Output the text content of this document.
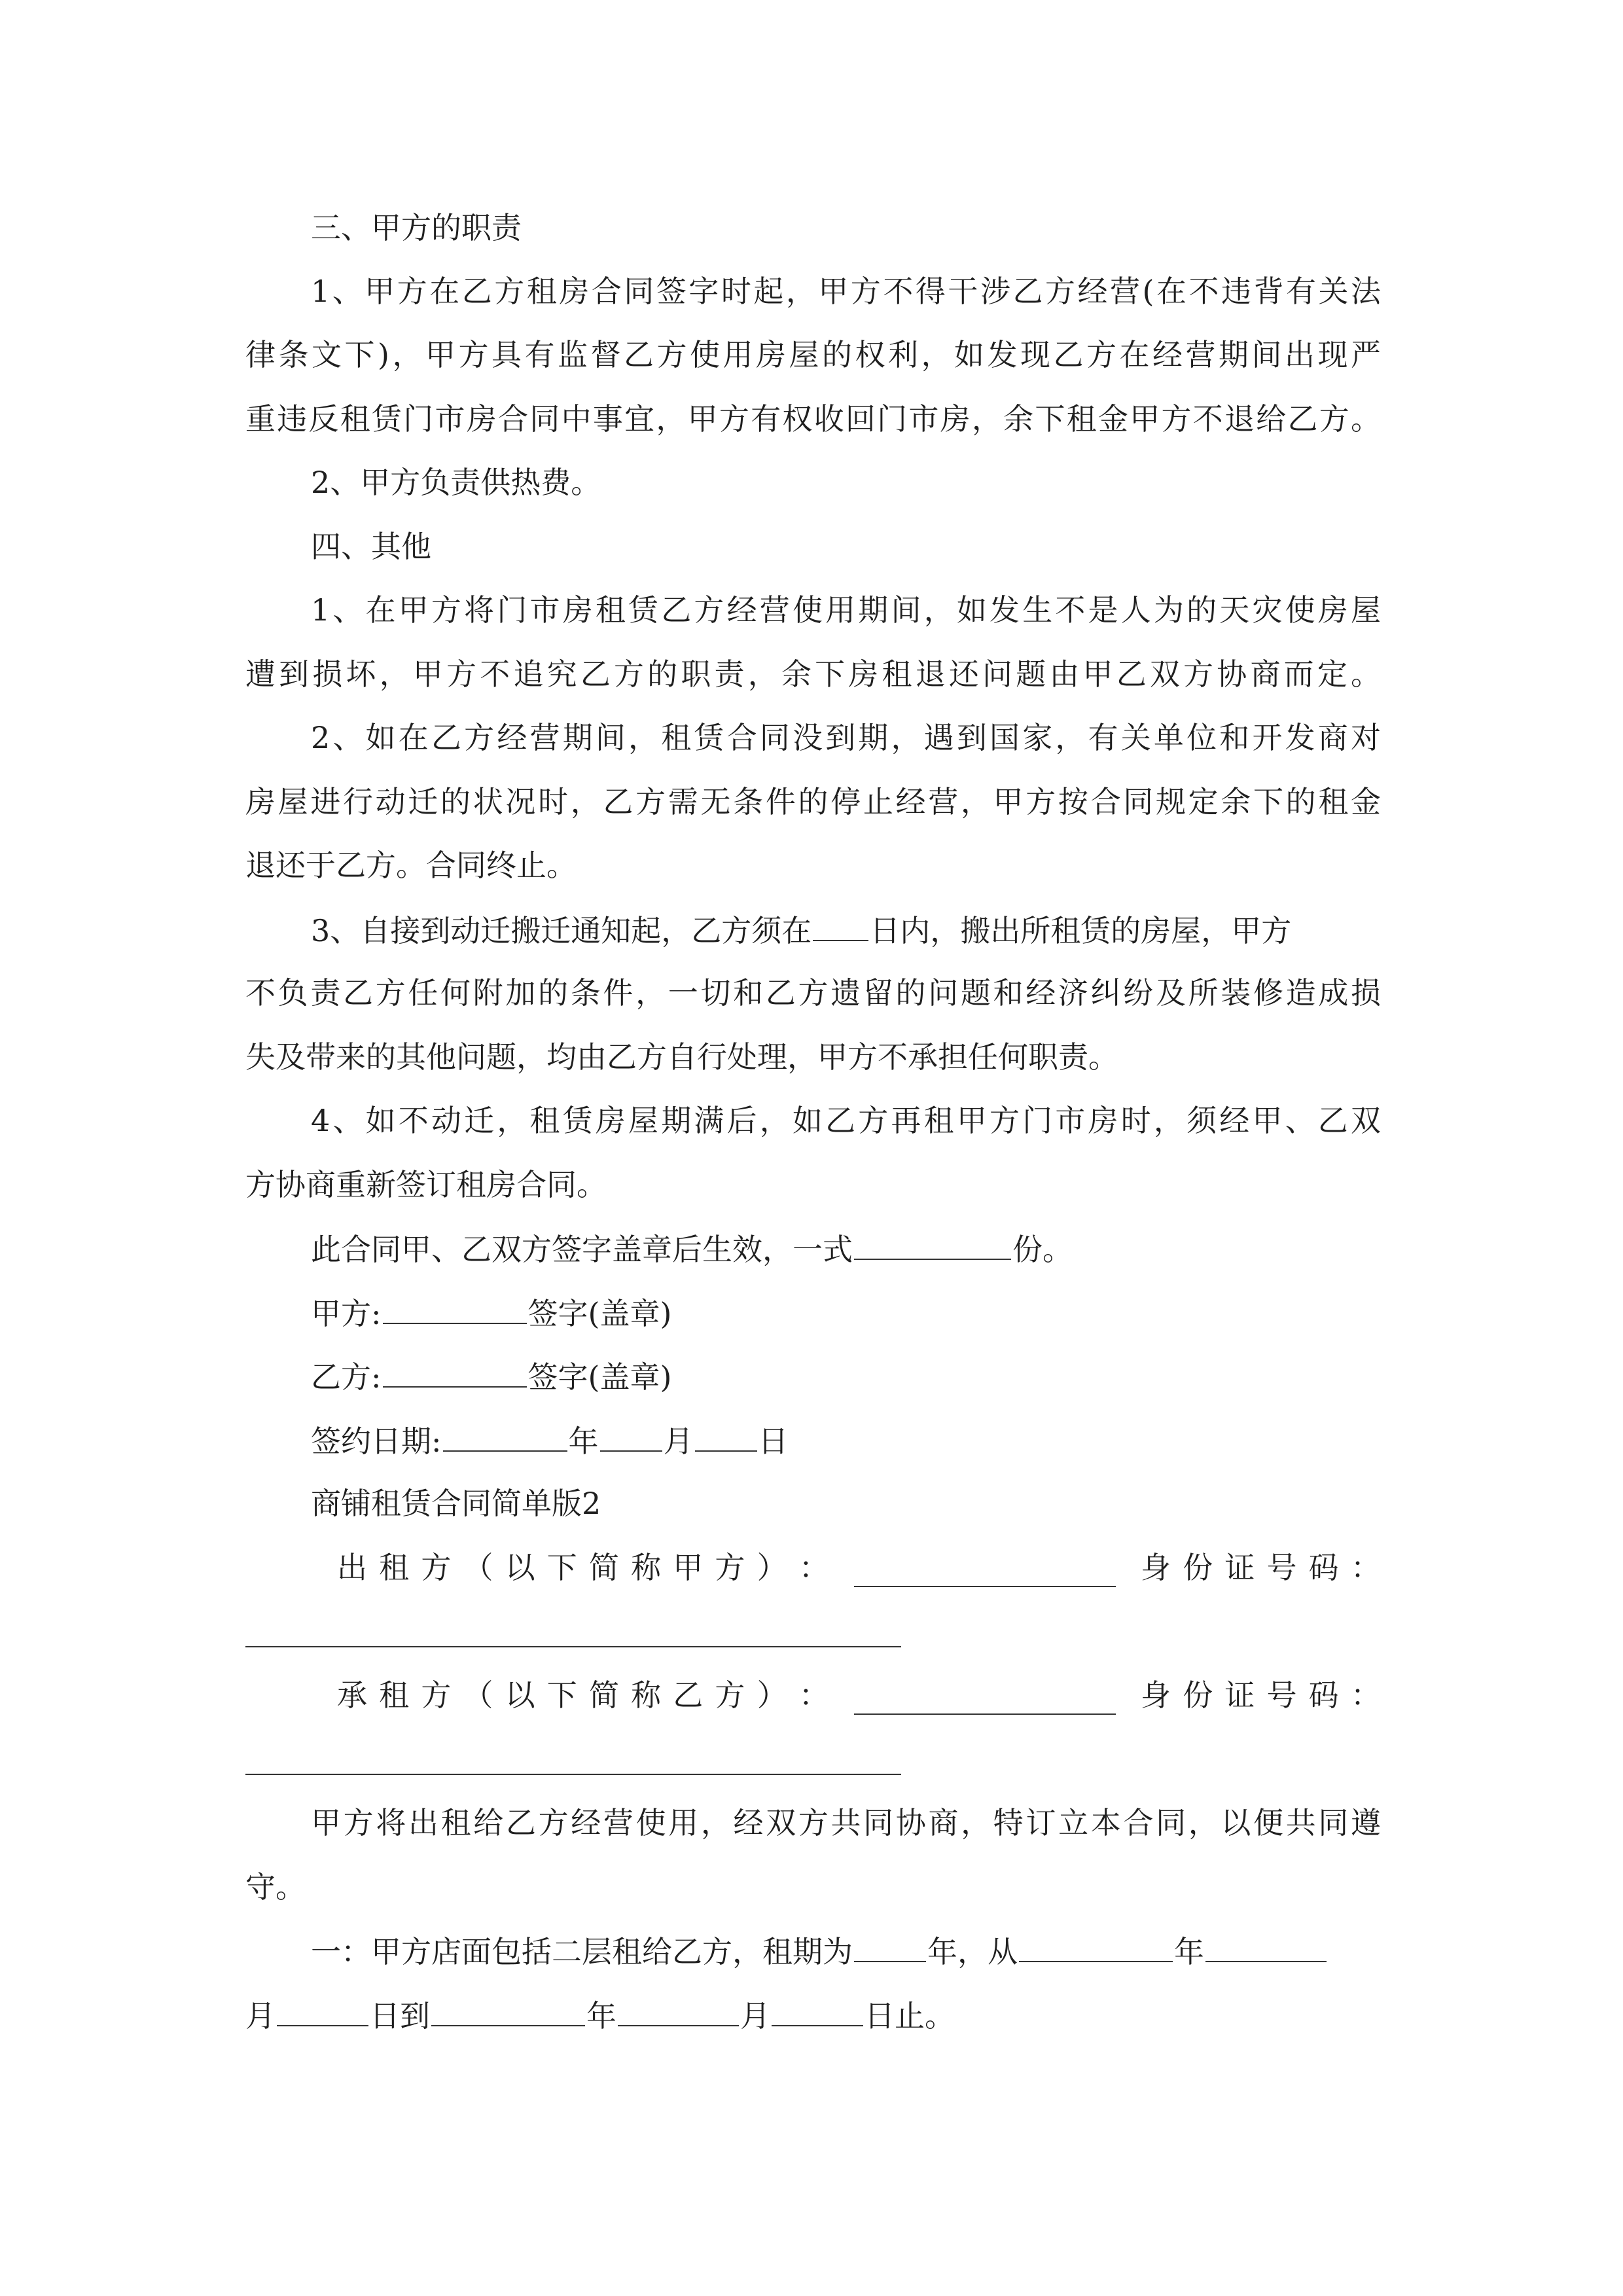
三、甲方的职责
1、甲方在乙方租房合同签字时起，甲方不得干涉乙方经营(在不违背有关法
律条文下)，甲方具有监督乙方使用房屋的权利，如发现乙方在经营期间出现严
重违反租赁门市房合同中事宜，甲方有权收回门市房，余下租金甲方不退给乙方。
2、甲方负责供热费。
四、其他
1、在甲方将门市房租赁乙方经营使用期间，如发生不是人为的天灾使房屋
遭到损坏，甲方不追究乙方的职责，余下房租退还问题由甲乙双方协商而定。
2、如在乙方经营期间，租赁合同没到期，遇到国家，有关单位和开发商对
房屋进行动迁的状况时，乙方需无条件的停止经营，甲方按合同规定余下的租金
退还于乙方。合同终止。
3、自接到动迁搬迁通知起，乙方须在 日内，搬出所租赁的房屋，甲方
不负责乙方任何附加的条件，一切和乙方遗留的问题和经济纠纷及所装修造成损
失及带来的其他问题，均由乙方自行处理，甲方不承担任何职责。
4、如不动迁，租赁房屋期满后，如乙方再租甲方门市房时，须经甲、乙双
方协商重新签订租房合同。
此合同甲、乙双方签字盖章后生效，一式	份。
甲方:	签字(盖章)
乙方:	签字(盖章)
签约日期:	年 月 日
商铺租赁合同简单版2
出 租 方 （ 以 下 简 称 甲 方 ） ：	身 份 证 号 码 ：
承 租 方 （ 以 下 简 称 乙 方 ） ：	身 份 证 号 码 ：
甲方将出租给乙方经营使用，经双方共同协商，特订立本合同，以便共同遵
守。
一：甲方店面包括二层租给乙方，租期为 年，从	年
月	日到	年	月	日止。
